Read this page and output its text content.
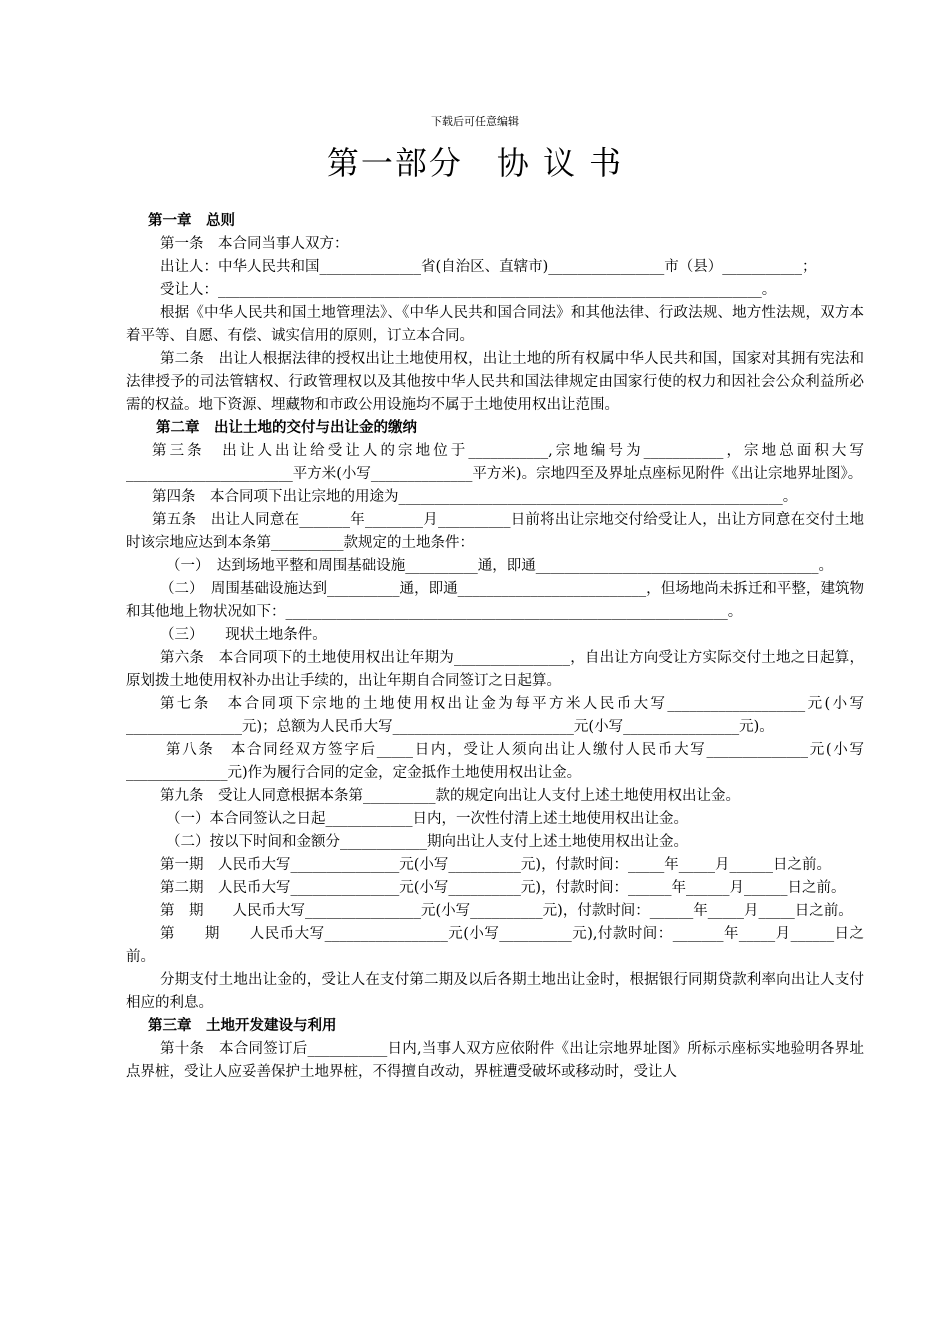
下载后可任意编辑
第一部分　协 议 书

第一章　总则

第一条　本合同当事人双方：

出让人：中华人民共和国______________省(自治区、直辖市)________________市（县）___________；

受让人：___________________________________________________________________________。

根据《中华人民共和国土地管理法》、《中华人民共和国合同法》和其他法律、行政法规、地方性法规，双方本着平等、自愿、有偿、诚实信用的原则，订立本合同。

第二条　出让人根据法律的授权出让土地使用权，出让土地的所有权属中华人民共和国，国家对其拥有宪法和法律授予的司法管辖权、行政管理权以及其他按中华人民共和国法律规定由国家行使的权力和因社会公众利益所必需的权益。地下资源、埋藏物和市政公用设施均不属于土地使用权出让范围。

第二章　出让土地的交付与出让金的缴纳

第三条　出让人出让给受让人的宗地位于___________,宗地编号为___________，宗地总面积大写_______________________平方米(小写______________平方米)。宗地四至及界址点座标见附件《出让宗地界址图》。

第四条　本合同项下出让宗地的用途为_____________________________________________________。

第五条　出让人同意在_______年________月__________日前将出让宗地交付给受让人，出让方同意在交付土地时该宗地应达到本条第__________款规定的土地条件：

（一）　达到场地平整和周围基础设施__________通，即通_______________________________________。

（二）　周围基础设施达到__________通，即通__________________________，但场地尚未拆迁和平整，建筑物和其他地上物状况如下：_____________________________________________________________。

（三）　　现状土地条件。

第六条　本合同项下的土地使用权出让年期为________________，自出让方向受让方实际交付土地之日起算，原划拨土地使用权补办出让手续的，出让年期自合同签订之日起算。

第七条　本合同项下宗地的土地使用权出让金为每平方米人民币大写___________________元(小写________________元)；总额为人民币大写_________________________元(小写________________元)。

第八条　本合同经双方签字后_____日内，受让人须向出让人缴付人民币大写______________元(小写______________元)作为履行合同的定金，定金抵作土地使用权出让金。

第九条　受让人同意根据本条第__________款的规定向出让人支付上述土地使用权出让金。

（一）本合同签认之日起____________日内，一次性付清上述土地使用权出让金。

（二）按以下时间和金额分____________期向出让人支付上述土地使用权出让金。

第一期　人民币大写_______________元(小写__________元)，付款时间：_____年_____月______日之前。

第二期　人民币大写_______________元(小写__________元)，付款时间：______年______月______日之前。

第　期　　人民币大写________________元(小写__________元)，付款时间：______年_____月_____日之前。

第　　期　　人民币大写_________________元(小写__________元),付款时间：_______年_____月______日之前。

分期支付土地出让金的，受让人在支付第二期及以后各期土地出让金时，根据银行同期贷款利率向出让人支付相应的利息。

第三章　土地开发建设与利用

第十条　本合同签订后___________日内,当事人双方应依附件《出让宗地界址图》所标示座标实地验明各界址点界桩，受让人应妥善保护土地界桩，不得擅自改动，界桩遭受破坏或移动时，受让人
